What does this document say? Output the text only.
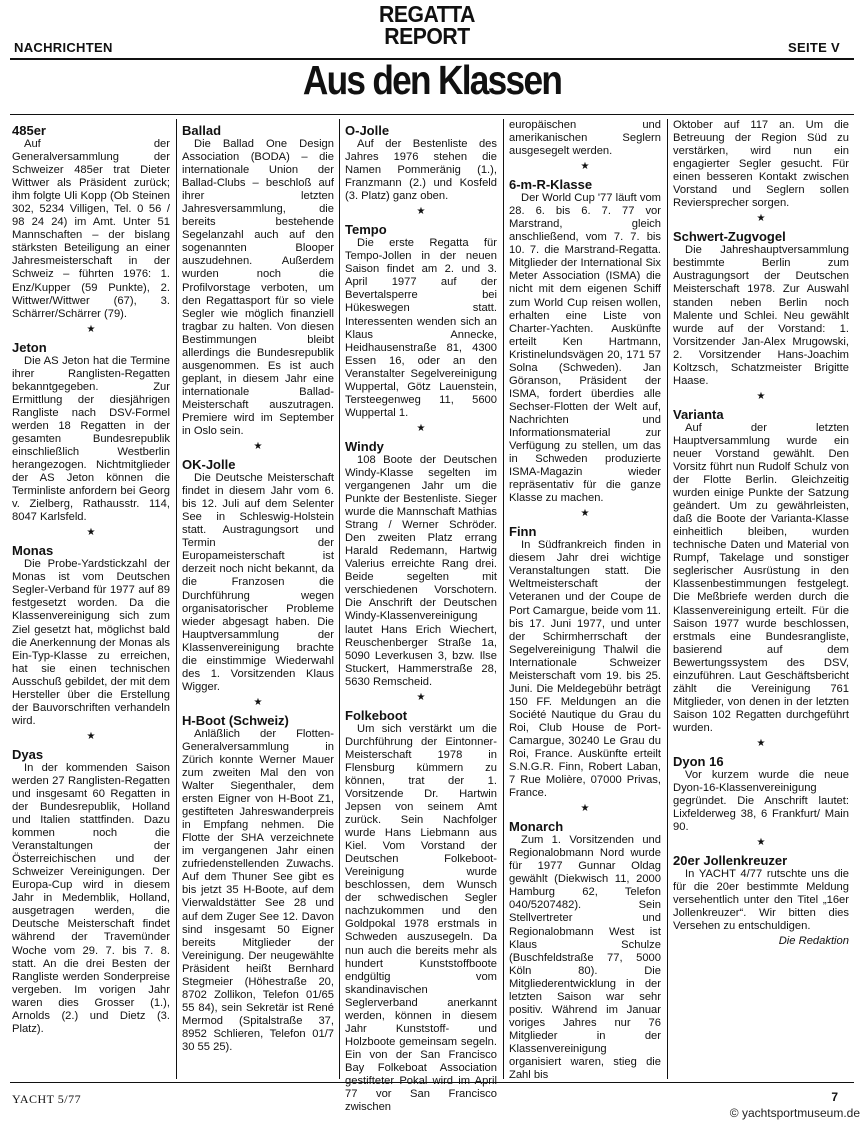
REGATTA
REPORT
NACHRICHTEN	SEITE V
Aus den Klassen
485er

Auf der Generalversammlung der Schweizer 485er trat Dieter Wittwer als Präsident zurück; ihm folgte Uli Kopp (Ob Steinen 302, 5234 Villigen, Tel. 0 56 / 98 24 24) im Amt. Unter 51 Mannschaften – der bislang stärksten Beteiligung an einer Jahresmeisterschaft in der Schweiz – führten 1976: 1. Enz/Kupper (59 Punkte), 2. Wittwer/Wittwer (67), 3. Schärrer/Schärrer (79).

★
Jeton

Die AS Jeton hat die Termine ihrer Ranglisten-Regatten bekanntgegeben. Zur Ermittlung der diesjährigen Rangliste nach DSV-Formel werden 18 Regatten in der gesamten Bundesrepublik einschließlich Westberlin herangezogen. Nichtmitglieder der AS Jeton können die Terminliste anfordern bei Georg v. Zielberg, Rathausstr. 114, 8047 Karlsfeld.

★
Monas

Die Probe-Yardstickzahl der Monas ist vom Deutschen Segler-Verband für 1977 auf 89 festgesetzt worden. Da die Klassenvereinigung sich zum Ziel gesetzt hat, möglichst bald die Anerkennung der Monas als Ein-Typ-Klasse zu erreichen, hat sie einen technischen Ausschuß gebildet, der mit dem Hersteller über die Erstellung der Bauvorschriften verhandeln wird.

★
Dyas

In der kommenden Saison werden 27 Ranglisten-Regatten und insgesamt 60 Regatten in der Bundesrepublik, Holland und Italien stattfinden. Dazu kommen noch die Veranstaltungen der Österreichischen und der Schweizer Vereinigungen. Der Europa-Cup wird in diesem Jahr in Medemblik, Holland, ausgetragen werden, die Deutsche Meisterschaft findet während der Travemünder Woche vom 29. 7. bis 7. 8. statt. An die drei Besten der Rangliste werden Sonderpreise vergeben. Im vorigen Jahr waren dies Grosser (1.), Arnolds (2.) und Dietz (3. Platz).

Ballad

Die Ballad One Design Association (BODA) – die internationale Union der Ballad-Clubs – beschloß auf ihrer letzten Jahresversammlung, die bereits bestehende Segelanzahl auch auf den sogenannten Blooper auszudehnen. Außerdem wurden noch die Profilvorstage verboten, um den Regattasport für so viele Segler wie möglich finanziell tragbar zu halten. Von diesen Bestimmungen bleibt allerdings die Bundesrepublik ausgenommen. Es ist auch geplant, in diesem Jahr eine internationale Ballad-Meisterschaft auszutragen. Premiere wird im September in Oslo sein.

★
OK-Jolle

Die Deutsche Meisterschaft findet in diesem Jahr vom 6. bis 12. Juli auf dem Selenter See in Schleswig-Holstein statt. Austragungsort und Termin der Europameisterschaft ist derzeit noch nicht bekannt, da die Franzosen die Durchführung wegen organisatorischer Probleme wieder abgesagt haben. Die Hauptversammlung der Klassenvereinigung brachte die einstimmige Wiederwahl des 1. Vorsitzenden Klaus Wigger.

★
H-Boot (Schweiz)

Anläßlich der Flotten-Generalversammlung in Zürich konnte Werner Mauer zum zweiten Mal den von Walter Siegenthaler, dem ersten Eigner von H-Boot Z1, gestifteten Jahreswanderpreis in Empfang nehmen. Die Flotte der SHA verzeichnete im vergangenen Jahr einen zufriedenstellenden Zuwachs. Auf dem Thuner See gibt es bis jetzt 35 H-Boote, auf dem Vierwaldstätter See 28 und auf dem Zuger See 12. Davon sind insgesamt 50 Eigner bereits Mitglieder der Vereinigung. Der neugewählte Präsident heißt Bernhard Stegmeier (Höhestraße 20, 8702 Zollikon, Telefon 01/65 55 84), sein Sekretär ist René Mermod (Spitalstraße 37, 8952 Schlieren, Telefon 01/7 30 55 25).

O-Jolle

Auf der Bestenliste des Jahres 1976 stehen die Namen Pommeränig (1.), Franzmann (2.) und Kosfeld (3. Platz) ganz oben.

★
Tempo

Die erste Regatta für Tempo-Jollen in der neuen Saison findet am 2. und 3. April 1977 auf der Bevertalsperre bei Hükeswegen statt. Interessenten wenden sich an Klaus Annecke, Heidhausenstraße 81, 4300 Essen 16, oder an den Veranstalter Segelvereinigung Wuppertal, Götz Lauenstein, Tersteegenweg 11, 5600 Wuppertal 1.

★
Windy

108 Boote der Deutschen Windy-Klasse segelten im vergangenen Jahr um die Punkte der Bestenliste. Sieger wurde die Mannschaft Mathias Strang / Werner Schröder. Den zweiten Platz errang Harald Redemann, Hartwig Valerius erreichte Rang drei. Beide segelten mit verschiedenen Vorschotern. Die Anschrift der Deutschen Windy-Klassenvereinigung lautet Hans Erich Wiechert, Reuschenberger Straße 1a, 5090 Leverkusen 3, bzw. Ilse Stuckert, Hammerstraße 28, 5630 Remscheid.

★
Folkeboot

Um sich verstärkt um die Durchführung der Eintonner-Meisterschaft 1978 in Flensburg kümmern zu können, trat der 1. Vorsitzende Dr. Hartwin Jepsen von seinem Amt zurück. Sein Nachfolger wurde Hans Liebmann aus Kiel. Vom Vorstand der Deutschen Folkeboot-Vereinigung wurde beschlossen, dem Wunsch der schwedischen Segler nachzukommen und den Goldpokal 1978 erstmals in Schweden auszusegeln. Da nun auch die bereits mehr als hundert Kunststoffboote endgültig vom skandinavischen Seglerverband anerkannt werden, können in diesem Jahr Kunststoff- und Holzboote gemeinsam segeln. Ein von der San Francisco Bay Folkeboat Association gestifteter Pokal wird im April 77 vor San Francisco zwischen

europäischen und amerikanischen Seglern ausgesegelt werden.

★
6-m-R-Klasse

Der World Cup '77 läuft vom 28. 6. bis 6. 7. 77 vor Marstrand, gleich anschließend, vom 7. 7. bis 10. 7. die Marstrand-Regatta. Mitglieder der International Six Meter Association (ISMA) die nicht mit dem eigenen Schiff zum World Cup reisen wollen, erhalten eine Liste von Charter-Yachten. Auskünfte erteilt Ken Hartmann, Kristinelundsvägen 20, 171 57 Solna (Schweden). Jan Göranson, Präsident der ISMA, fordert überdies alle Sechser-Flotten der Welt auf, Nachrichten und Informationsmaterial zur Verfügung zu stellen, um das in Schweden produzierte ISMA-Magazin wieder repräsentativ für die ganze Klasse zu machen.

★
Finn

In Südfrankreich finden in diesem Jahr drei wichtige Veranstaltungen statt. Die Weltmeisterschaft der Veteranen und der Coupe de Port Camargue, beide vom 11. bis 17. Juni 1977, und unter der Schirmherrschaft der Segelvereinigung Thalwil die Internationale Schweizer Meisterschaft vom 19. bis 25. Juni. Die Meldegebühr beträgt 150 FF. Meldungen an die Société Nautique du Grau du Roi, Club House de Port-Camargue, 30240 Le Grau du Roi, France. Auskünfte erteilt S.N.G.R. Finn, Robert Laban, 7 Rue Molière, 07000 Privas, France.

★
Monarch

Zum 1. Vorsitzenden und Regionalobmann Nord wurde für 1977 Gunnar Oldag gewählt (Diekwisch 11, 2000 Hamburg 62, Telefon 040/5207482). Sein Stellvertreter und Regionalobmann West ist Klaus Schulze (Buschfeldstraße 77, 5000 Köln 80). Die Mitgliederentwicklung in der letzten Saison war sehr positiv. Während im Januar voriges Jahres nur 76 Mitglieder in der Klassenvereinigung organisiert waren, stieg die Zahl bis

Oktober auf 117 an. Um die Betreuung der Region Süd zu verstärken, wird nun ein engagierter Segler gesucht. Für einen besseren Kontakt zwischen Vorstand und Seglern sollen Reviersprecher sorgen.

★
Schwert-Zugvogel

Die Jahreshauptversammlung bestimmte Berlin zum Austragungsort der Deutschen Meisterschaft 1978. Zur Auswahl standen neben Berlin noch Malente und Schlei. Neu gewählt wurde auf der Vorstand: 1. Vorsitzender Jan-Alex Mrugowski, 2. Vorsitzender Hans-Joachim Koltzsch, Schatzmeister Brigitte Haase.

★
Varianta

Auf der letzten Hauptversammlung wurde ein neuer Vorstand gewählt. Den Vorsitz führt nun Rudolf Schulz von der Flotte Berlin. Gleichzeitig wurden einige Punkte der Satzung geändert. Um zu gewährleisten, daß die Boote der Varianta-Klasse einheitlich bleiben, wurden technische Daten und Material von Rumpf, Takelage und sonstiger seglerischer Ausrüstung in den Klassenbestimmungen festgelegt. Die Meßbriefe werden durch die Klassenvereinigung erteilt. Für die Saison 1977 wurde beschlossen, erstmals eine Bundesrangliste, basierend auf dem Bewertungssystem des DSV, einzuführen. Laut Geschäftsbericht zählt die Vereinigung 761 Mitglieder, von denen in der letzten Saison 102 Regatten durchgeführt wurden.

★
Dyon 16

Vor kurzem wurde die neue Dyon-16-Klassenvereinigung gegründet. Die Anschrift lautet: Lixfelderweg 38, 6 Frankfurt/ Main 90.

★
20er Jollenkreuzer

In YACHT 4/77 rutschte uns die für die 20er bestimmte Meldung versehentlich unter den Titel „16er Jollenkreuzer“. Wir bitten dies Versehen zu entschuldigen.

Die Redaktion
YACHT 5/77	7
© yachtsportmuseum.de
